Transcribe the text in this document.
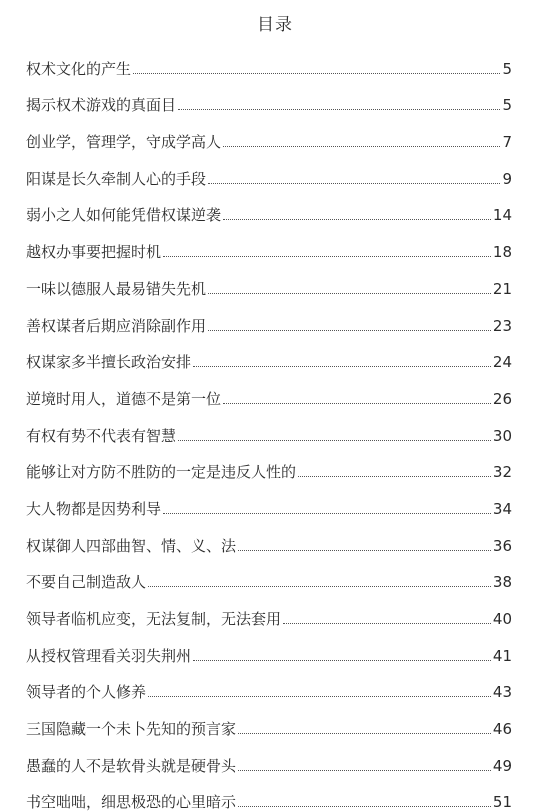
目录
权术文化的产生	5
揭示权术游戏的真面目	5
创业学，管理学，守成学高人	7
阳谋是长久牵制人心的手段	9
弱小之人如何能凭借权谋逆袭	14
越权办事要把握时机	18
一味以德服人最易错失先机	21
善权谋者后期应消除副作用	23
权谋家多半擅长政治安排	24
逆境时用人，道德不是第一位	26
有权有势不代表有智慧	30
能够让对方防不胜防的一定是违反人性的	32
大人物都是因势利导	34
权谋御人四部曲智、情、义、法	36
不要自己制造敌人	38
领导者临机应变，无法复制，无法套用	40
从授权管理看关羽失荆州	41
领导者的个人修养	43
三国隐藏一个未卜先知的预言家	46
愚蠢的人不是软骨头就是硬骨头	49
书空咄咄，细思极恐的心里暗示	51
